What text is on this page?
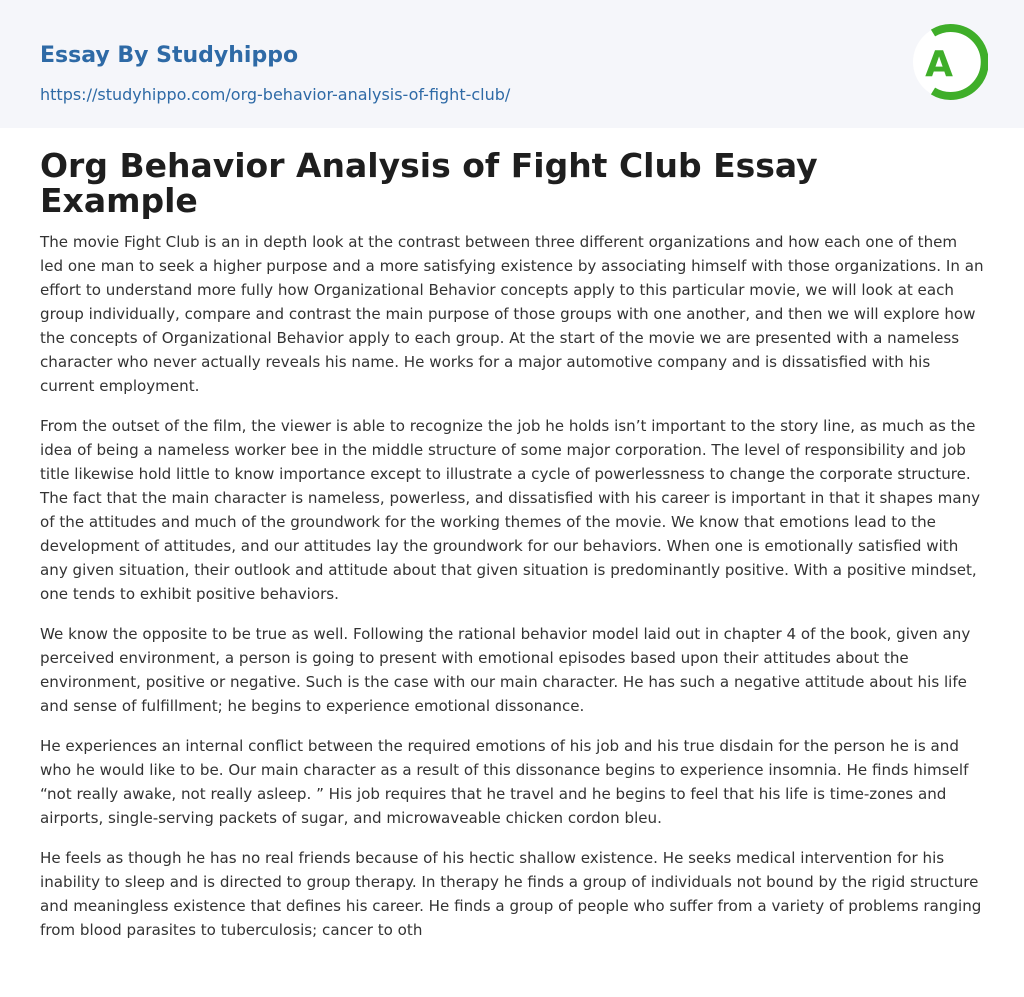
Essay By Studyhippo
https://studyhippo.com/org-behavior-analysis-of-fight-club/
A
Org Behavior Analysis of Fight Club Essay Example

The movie Fight Club is an in depth look at the contrast between three different organizations and how each one of them led one man to seek a higher purpose and a more satisfying existence by associating himself with those organizations. In an effort to understand more fully how Organizational Behavior concepts apply to this particular movie, we will look at each group individually, compare and contrast the main purpose of those groups with one another, and then we will explore how the concepts of Organizational Behavior apply to each group. At the start of the movie we are presented with a nameless character who never actually reveals his name. He works for a major automotive company and is dissatisfied with his current employment.

From the outset of the film, the viewer is able to recognize the job he holds isn’t important to the story line, as much as the idea of being a nameless worker bee in the middle structure of some major corporation. The level of responsibility and job title likewise hold little to know importance except to illustrate a cycle of powerlessness to change the corporate structure. The fact that the main character is nameless, powerless, and dissatisfied with his career is important in that it shapes many of the attitudes and much of the groundwork for the working themes of the movie. We know that emotions lead to the development of attitudes, and our attitudes lay the groundwork for our behaviors. When one is emotionally satisfied with any given situation, their outlook and attitude about that given situation is predominantly positive. With a positive mindset, one tends to exhibit positive behaviors.

We know the opposite to be true as well. Following the rational behavior model laid out in chapter 4 of the book, given any perceived environment, a person is going to present with emotional episodes based upon their attitudes about the environment, positive or negative. Such is the case with our main character. He has such a negative attitude about his life and sense of fulfillment; he begins to experience emotional dissonance.

He experiences an internal conflict between the required emotions of his job and his true disdain for the person he is and who he would like to be. Our main character as a result of this dissonance begins to experience insomnia. He finds himself “not really awake, not really asleep. ” His job requires that he travel and he begins to feel that his life is time-zones and airports, single-serving packets of sugar, and microwaveable chicken cordon bleu.

He feels as though he has no real friends because of his hectic shallow existence. He seeks medical intervention for his inability to sleep and is directed to group therapy. In therapy he finds a group of individuals not bound by the rigid structure and meaningless existence that defines his career. He finds a group of people who suffer from a variety of problems ranging from blood parasites to tuberculosis; cancer to oth
